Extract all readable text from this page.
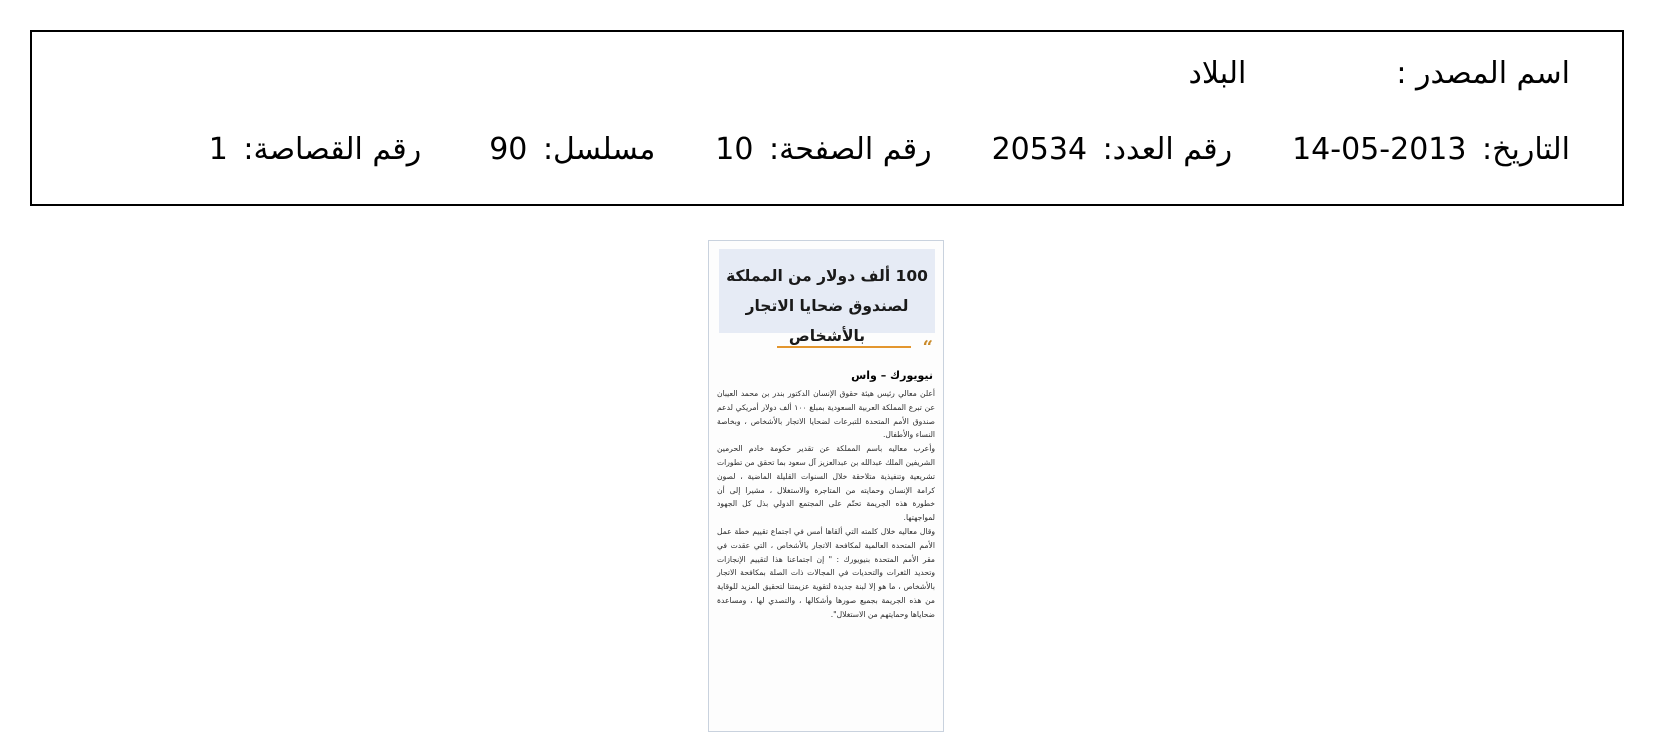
اسم المصدر :البلاد
التاريخ: 2013-05-14رقم العدد: 20534رقم الصفحة: 10مسلسل: 90رقم القصاصة: 1
100 ألف دولار من المملكة
لصندوق ضحايا الاتجار بالأشخاص
“
نيويورك – واس

أعلن معالي رئيس هيئة حقوق الإنسان الدكتور بندر بن محمد العيبان عن تبرع المملكة العربية السعودية بمبلغ ١٠٠ ألف دولار أمريكي لدعم صندوق الأمم المتحدة للتبرعات لضحايا الاتجار بالأشخاص ، وبخاصة النساء والأطفال.

وأعرب معاليه باسم المملكة عن تقدير حكومة خادم الحرمين الشريفين الملك عبدالله بن عبدالعزيز آل سعود بما تحقق من تطورات تشريعية وتنفيذية متلاحقة خلال السنوات القليلة الماضية ، لصون كرامة الإنسان وحمايته من المتاجرة والاستغلال ، مشيرا إلى أن خطورة هذه الجريمة تحتّم على المجتمع الدولي بذل كل الجهود لمواجهتها.

وقال معاليه خلال كلمته التي ألقاها أمس في اجتماع تقييم خطة عمل الأمم المتحدة العالمية لمكافحة الاتجار بالأشخاص ، التي عقدت في مقر الأمم المتحدة بنيويورك : " إن اجتماعنا هذا لتقييم الإنجازات وتحديد الثغرات والتحديات في المجالات ذات الصلة بمكافحة الاتجار بالأشخاص ، ما هو إلا لبنة جديدة لتقوية عزيمتنا لتحقيق المزيد للوقاية من هذه الجريمة بجميع صورها وأشكالها ، والتصدي لها ، ومساعدة ضحاياها وحمايتهم من الاستغلال".
